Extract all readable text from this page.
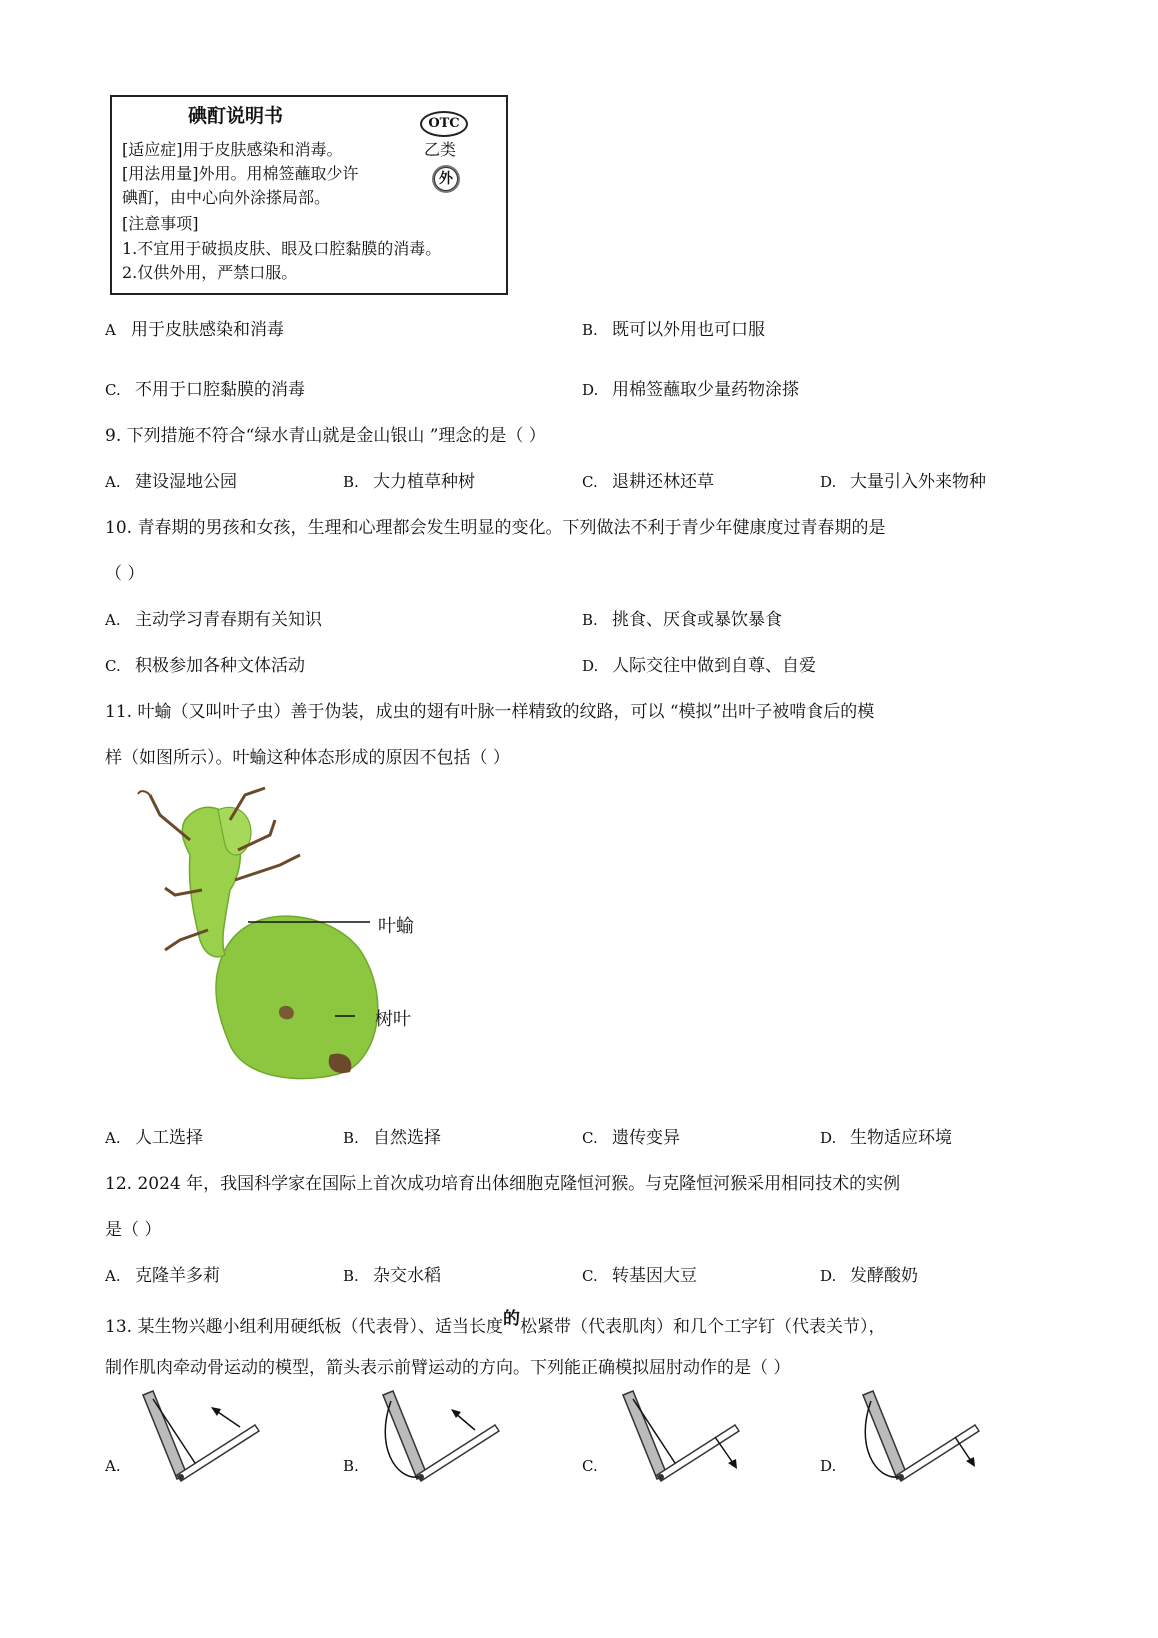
碘酊说明书	OTC
乙类
外
[适应症]用于皮肤感染和消毒。
[用法用量]外用。用棉签蘸取少许
碘酊，由中心向外涂搽局部。
[注意事项]
1.不宜用于破损皮肤、眼及口腔黏膜的消毒。
2.仅供外用，严禁口服。
A 用于皮肤感染和消毒	B. 既可以外用也可口服
C. 不用于口腔黏膜的消毒	D. 用棉签蘸取少量药物涂搽
9. 下列措施不符合“绿水青山就是金山银山 ”理念的是（ ）
A. 建设湿地公园	B. 大力植草种树	C. 退耕还林还草	D. 大量引入外来物种
10. 青春期的男孩和女孩，生理和心理都会发生明显的变化。下列做法不利于青少年健康度过青春期的是
（ ）
A. 主动学习青春期有关知识	B. 挑食、厌食或暴饮暴食
C. 积极参加各种文体活动	D. 人际交往中做到自尊、自爱
11. 叶蝓（又叫叶子虫）善于伪装，成虫的翅有叶脉一样精致的纹路，可以 “模拟”出叶子被啃食后的模
样（如图所示）。叶蝓这种体态形成的原因不包括（ ）
叶蝓
树叶
A. 人工选择	B. 自然选择	C. 遗传变异	D. 生物适应环境
12. 2024 年，我国科学家在国际上首次成功培育出体细胞克隆恒河猴。与克隆恒河猴采用相同技术的实例
是（ ）
A. 克隆羊多莉	B. 杂交水稻	C. 转基因大豆	D. 发酵酸奶
13. 某生物兴趣小组利用硬纸板（代表骨）、适当长度的松紧带（代表肌肉）和几个工字钉（代表关节），
制作肌肉牵动骨运动的模型，箭头表示前臂运动的方向。下列能正确模拟屈肘动作的是（ ）
A.	B.	C.	D.
